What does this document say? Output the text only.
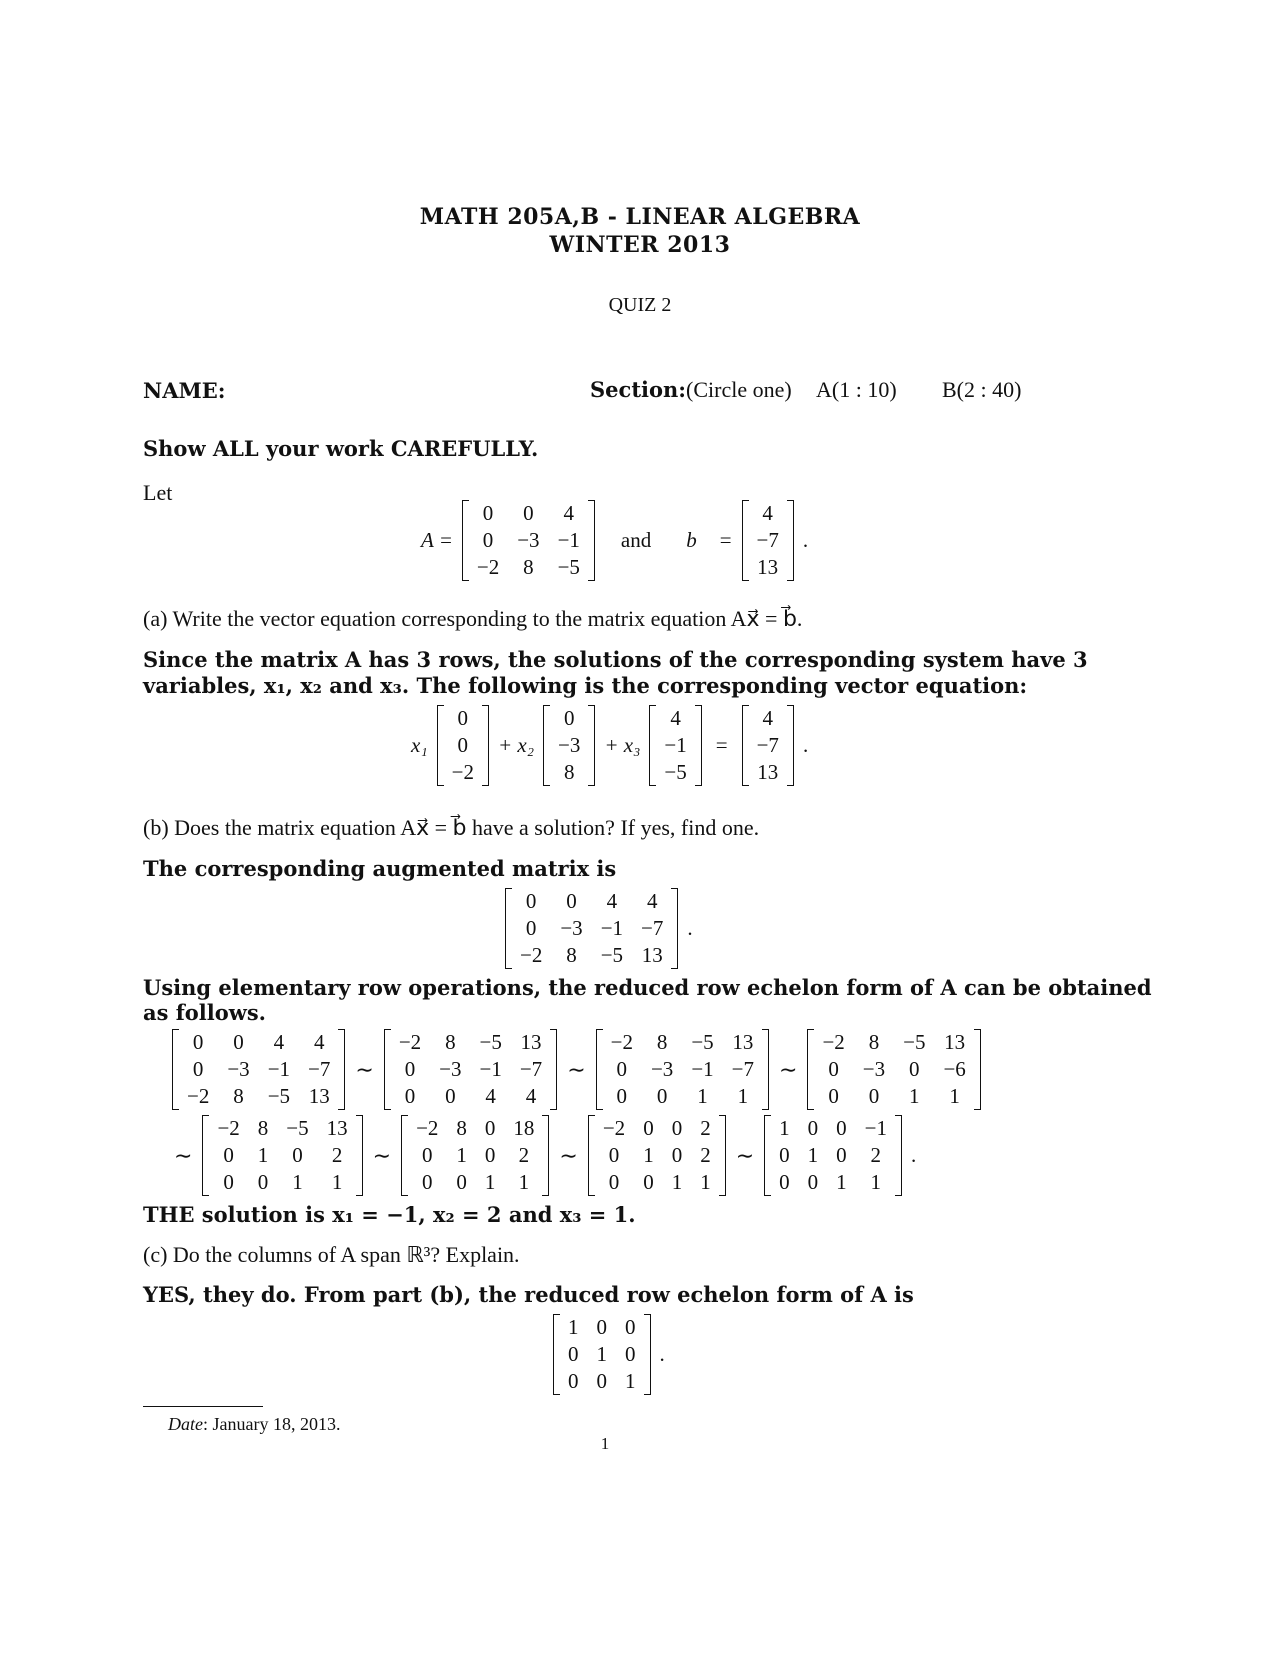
MATH 205A,B - LINEAR ALGEBRA
WINTER 2013
QUIZ 2
NAME:	Section:(Circle one) A(1 : 10) B(2 : 40)
Show ALL your work CAREFULLY.
Let
A =
0	0	4
0	−3	−1
−2	8	−5
and	b⃗ =
4
−7
13
.
(a) Write the vector equation corresponding to the matrix equation Ax⃗ = b⃗.
Since the matrix A has 3 rows, the solutions of the corresponding system have 3
variables, x₁, x₂ and x₃. The following is the corresponding vector equation:
x₁
0
0
−2
+ x₂
0
−3
8
+ x₃
4
−1
−5
=
4
−7
13
.
(b) Does the matrix equation Ax⃗ = b⃗ have a solution? If yes, find one.
The corresponding augmented matrix is
0	0	4	4
0	−3	−1	−7
−2	8	−5	13
.
Using elementary row operations, the reduced row echelon form of A can be obtained
as follows.
0	0	4	4
0	−3	−1	−7
−2	8	−5	13
∼
−2	8	−5	13
0	−3	−1	−7
0	0	4	4
∼
−2	8	−5	13
0	−3	−1	−7
0	0	1	1
∼
−2	8	−5	13
0	−3	0	−6
0	0	1	1
∼
−2	8	−5	13
0	1	0	2
0	0	1	1
∼
−2	8	0	18
0	1	0	2
0	0	1	1
∼
−2	0	0	2
0	1	0	2
0	0	1	1
∼
1	0	0	−1
0	1	0	2
0	0	1	1
.
THE solution is x₁ = −1, x₂ = 2 and x₃ = 1.
(c) Do the columns of A span ℝ³? Explain.
YES, they do. From part (b), the reduced row echelon form of A is
1	0	0
0	1	0
0	0	1
.
Date: January 18, 2013.
1
